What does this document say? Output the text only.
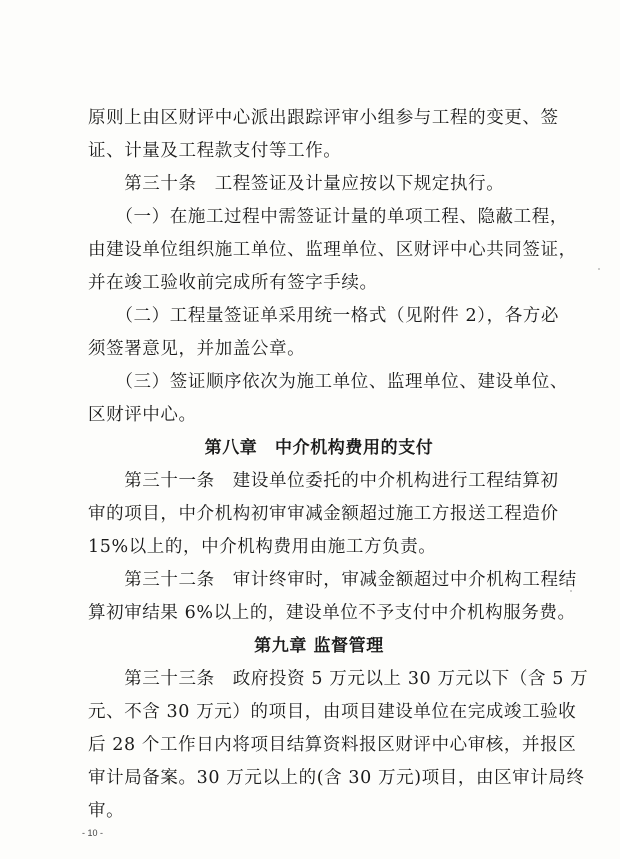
原则上由区财评中心派出跟踪评审小组参与工程的变更、签
证、计量及工程款支付等工作。
　　第三十条　工程签证及计量应按以下规定执行。
　　（一）在施工过程中需签证计量的单项工程、隐蔽工程，
由建设单位组织施工单位、监理单位、区财评中心共同签证，
并在竣工验收前完成所有签字手续。
　　（二）工程量签证单采用统一格式（见附件 2），各方必
须签署意见，并加盖公章。
　　（三）签证顺序依次为施工单位、监理单位、建设单位、
区财评中心。
第八章　中介机构费用的支付
　　第三十一条　建设单位委托的中介机构进行工程结算初
审的项目，中介机构初审审减金额超过施工方报送工程造价
15%以上的，中介机构费用由施工方负责。
　　第三十二条　审计终审时，审减金额超过中介机构工程结
算初审结果 6%以上的，建设单位不予支付中介机构服务费。
第九章 监督管理
　　第三十三条　政府投资 5 万元以上 30 万元以下（含 5 万
元、不含 30 万元）的项目，由项目建设单位在完成竣工验收
后 28 个工作日内将项目结算资料报区财评中心审核，并报区
审计局备案。30 万元以上的(含 30 万元)项目，由区审计局终
审。
- 10 -
